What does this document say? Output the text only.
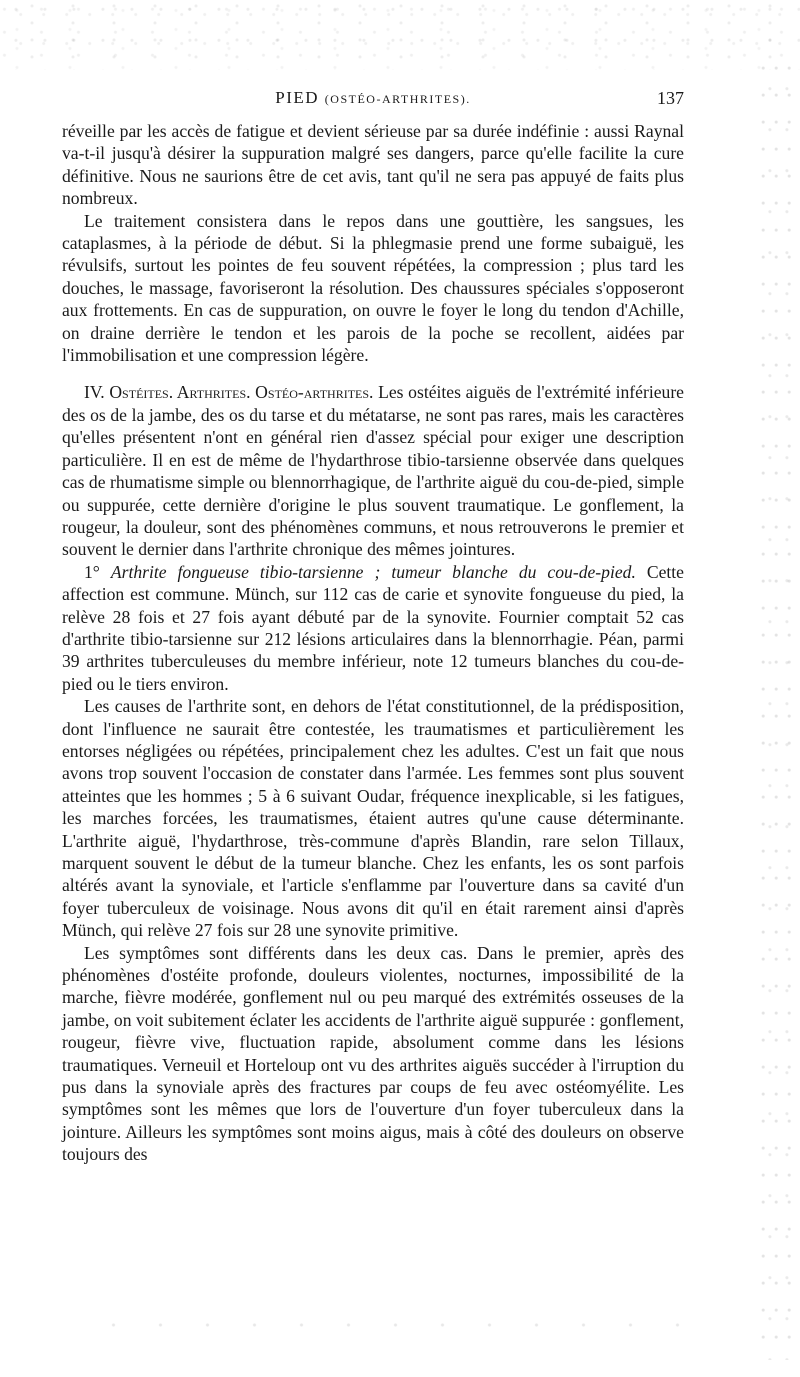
PIED (OSTÉO-ARTHRITES).	137

réveille par les accès de fatigue et devient sérieuse par sa durée indéfinie : aussi Raynal va-t-il jusqu'à désirer la suppuration malgré ses dangers, parce qu'elle facilite la cure définitive. Nous ne saurions être de cet avis, tant qu'il ne sera pas appuyé de faits plus nombreux.

Le traitement consistera dans le repos dans une gouttière, les sangsues, les cataplasmes, à la période de début. Si la phlegmasie prend une forme subaiguë, les révulsifs, surtout les pointes de feu souvent répétées, la compression ; plus tard les douches, le massage, favoriseront la résolution. Des chaussures spéciales s'opposeront aux frottements. En cas de suppuration, on ouvre le foyer le long du tendon d'Achille, on draine derrière le tendon et les parois de la poche se recollent, aidées par l'immobilisation et une compression légère.

IV. Ostéites. Arthrites. Ostéo-arthrites. Les ostéites aiguës de l'extrémité inférieure des os de la jambe, des os du tarse et du métatarse, ne sont pas rares, mais les caractères qu'elles présentent n'ont en général rien d'assez spécial pour exiger une description particulière. Il en est de même de l'hydarthrose tibio-tarsienne observée dans quelques cas de rhumatisme simple ou blennorrhagique, de l'arthrite aiguë du cou-de-pied, simple ou suppurée, cette dernière d'origine le plus souvent traumatique. Le gonflement, la rougeur, la douleur, sont des phénomènes communs, et nous retrouverons le premier et souvent le dernier dans l'arthrite chronique des mêmes jointures.

1° Arthrite fongueuse tibio-tarsienne ; tumeur blanche du cou-de-pied. Cette affection est commune. Münch, sur 112 cas de carie et synovite fongueuse du pied, la relève 28 fois et 27 fois ayant débuté par de la synovite. Fournier comptait 52 cas d'arthrite tibio-tarsienne sur 212 lésions articulaires dans la blennorrhagie. Péan, parmi 39 arthrites tuberculeuses du membre inférieur, note 12 tumeurs blanches du cou-de-pied ou le tiers environ.

Les causes de l'arthrite sont, en dehors de l'état constitutionnel, de la prédisposition, dont l'influence ne saurait être contestée, les traumatismes et particulièrement les entorses négligées ou répétées, principalement chez les adultes. C'est un fait que nous avons trop souvent l'occasion de constater dans l'armée. Les femmes sont plus souvent atteintes que les hommes ; 5 à 6 suivant Oudar, fréquence inexplicable, si les fatigues, les marches forcées, les traumatismes, étaient autres qu'une cause déterminante. L'arthrite aiguë, l'hydarthrose, très-commune d'après Blandin, rare selon Tillaux, marquent souvent le début de la tumeur blanche. Chez les enfants, les os sont parfois altérés avant la synoviale, et l'article s'enflamme par l'ouverture dans sa cavité d'un foyer tuberculeux de voisinage. Nous avons dit qu'il en était rarement ainsi d'après Münch, qui relève 27 fois sur 28 une synovite primitive.

Les symptômes sont différents dans les deux cas. Dans le premier, après des phénomènes d'ostéite profonde, douleurs violentes, nocturnes, impossibilité de la marche, fièvre modérée, gonflement nul ou peu marqué des extrémités osseuses de la jambe, on voit subitement éclater les accidents de l'arthrite aiguë suppurée : gonflement, rougeur, fièvre vive, fluctuation rapide, absolument comme dans les lésions traumatiques. Verneuil et Horteloup ont vu des arthrites aiguës succéder à l'irruption du pus dans la synoviale après des fractures par coups de feu avec ostéomyélite. Les symptômes sont les mêmes que lors de l'ouverture d'un foyer tuberculeux dans la jointure. Ailleurs les symptômes sont moins aigus, mais à côté des douleurs on observe toujours des
